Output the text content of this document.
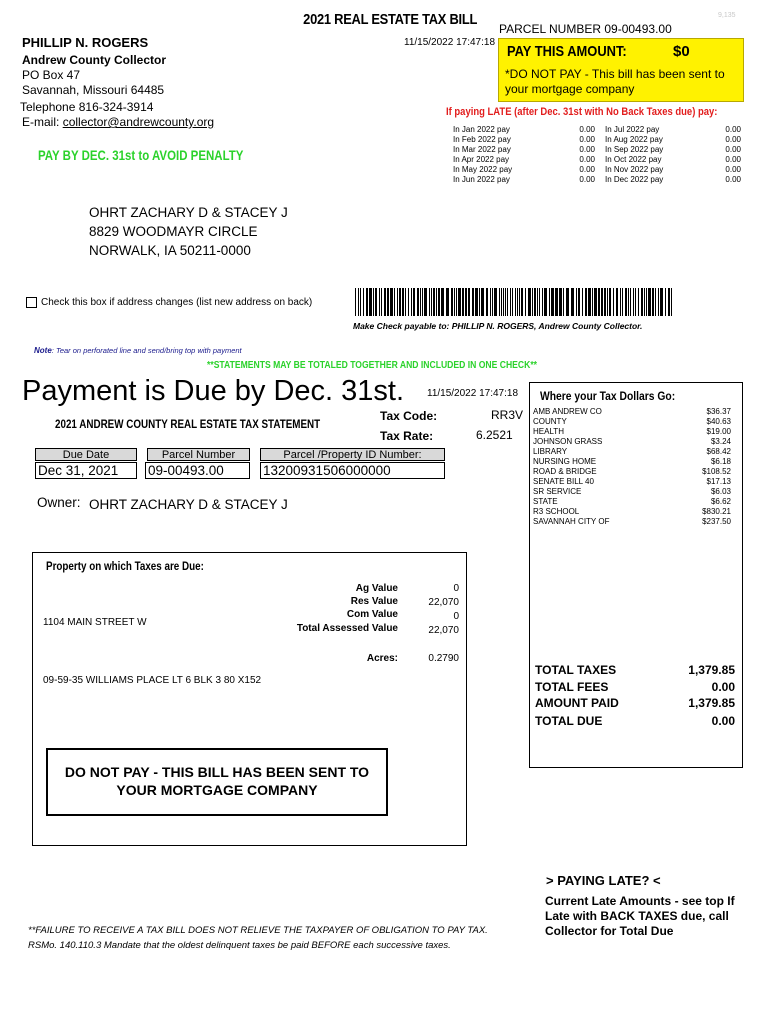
2021 REAL ESTATE TAX BILL
PARCEL NUMBER 09-00493.00
9,135
11/15/2022 17:47:18
PHILLIP N. ROGERS
Andrew County Collector
PO Box 47
Savannah, Missouri 64485
Telephone 816-324-3914
E-mail: collector@andrewcounty.org
PAY THIS AMOUNT:	$0
*DO NOT PAY - This bill has been sent to your mortgage company
If paying LATE (after Dec. 31st with No Back Taxes due) pay:
In Jan 2022 pay	0.00
In Feb 2022 pay	0.00
In Mar 2022 pay	0.00
In Apr 2022 pay	0.00
In May 2022 pay	0.00
In Jun 2022 pay	0.00
In Jul 2022 pay	0.00
In Aug 2022 pay	0.00
In Sep 2022 pay	0.00
In Oct 2022 pay	0.00
In Nov 2022 pay	0.00
In Dec 2022 pay	0.00
PAY BY DEC. 31st to AVOID PENALTY
OHRT ZACHARY D & STACEY J
8829 WOODMAYR CIRCLE
NORWALK, IA 50211-0000
Check this box if address changes (list new address on back)
Make Check payable to: PHILLIP N. ROGERS, Andrew County Collector.
Note: Tear on perforated line and send/bring top with payment
**STATEMENTS MAY BE TOTALED TOGETHER AND INCLUDED IN ONE CHECK**
Payment is Due by Dec. 31st. 11/15/2022 17:47:18
2021 ANDREW COUNTY REAL ESTATE TAX STATEMENT
Tax Code:	RR3V
Tax Rate:	6.2521
Due Date	Parcel Number	Parcel /Property ID Number:
Dec 31, 2021	09-00493.00	13200931506000000
Owner: OHRT ZACHARY D & STACEY J
Where your Tax Dollars Go:
AMB ANDREW CO	$36.37
COUNTY	$40.63
HEALTH	$19.00
JOHNSON GRASS	$3.24
LIBRARY	$68.42
NURSING HOME	$6.18
ROAD & BRIDGE	$108.52
SENATE BILL 40	$17.13
SR SERVICE	$6.03
STATE	$6.62
R3 SCHOOL	$830.21
SAVANNAH CITY OF	$237.50
TOTAL TAXES	1,379.85
TOTAL FEES	0.00
AMOUNT PAID	1,379.85
TOTAL DUE	0.00
Property on which Taxes are Due:
Ag Value	0
Res Value	22,070
Com Value	0
Total Assessed Value	22,070
Acres:	0.2790
1104 MAIN STREET W
09-59-35 WILLIAMS PLACE LT 6 BLK 3 80 X152
DO NOT PAY - THIS BILL HAS BEEN SENT TO YOUR MORTGAGE COMPANY
> PAYING LATE? <
Current Late Amounts - see top If Late with BACK TAXES due, call Collector for Total Due
**FAILURE TO RECEIVE A TAX BILL DOES NOT RELIEVE THE TAXPAYER OF OBLIGATION TO PAY TAX.
RSMo. 140.110.3 Mandate that the oldest delinquent taxes be paid BEFORE each successive taxes.
